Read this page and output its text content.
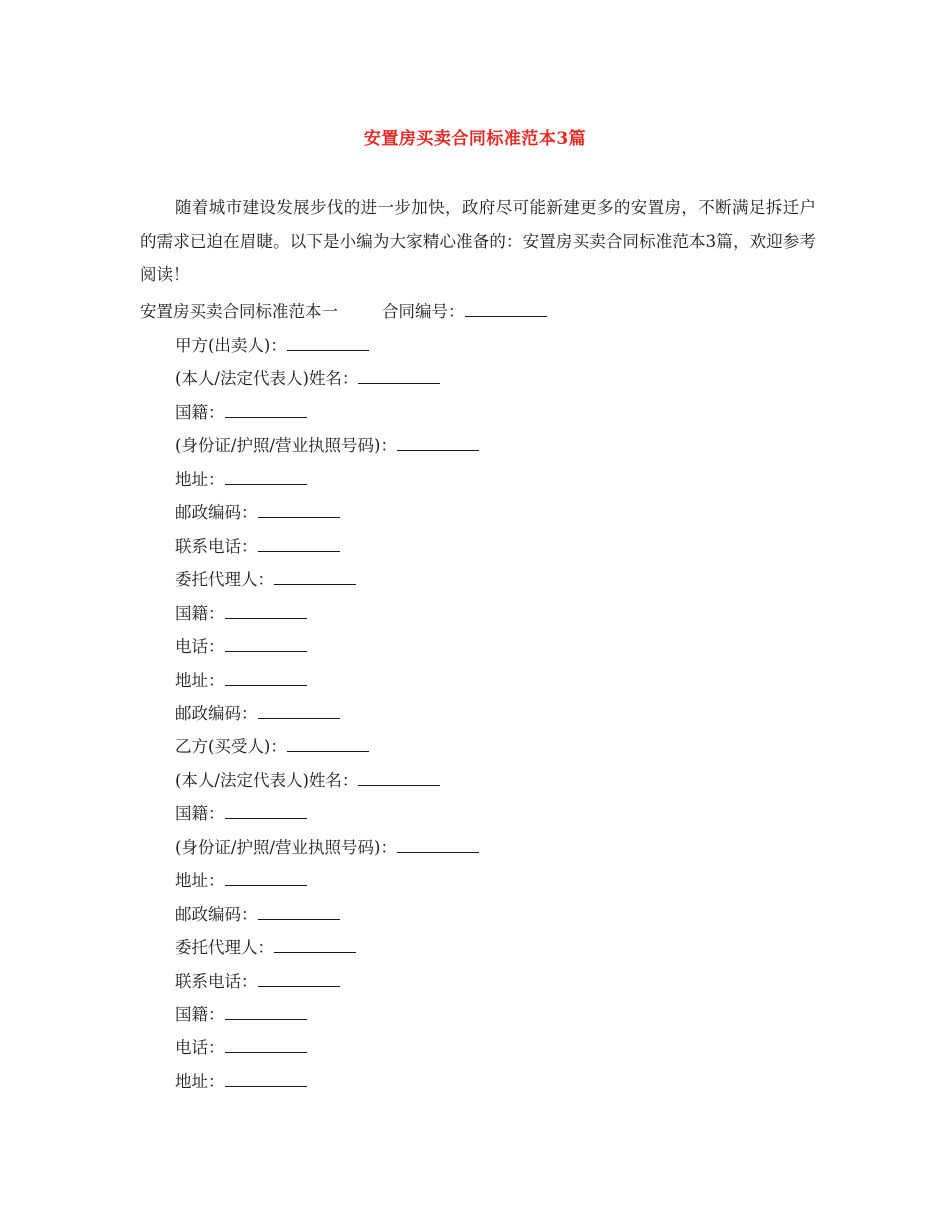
安置房买卖合同标准范本3篇

随着城市建设发展步伐的进一步加快，政府尽可能新建更多的安置房，不断满足拆迁户的需求已迫在眉睫。以下是小编为大家精心准备的：安置房买卖合同标准范本3篇，欢迎参考阅读！

安置房买卖合同标准范本一	合同编号：
甲方(出卖人)：
(本人/法定代表人)姓名：
国籍：
(身份证/护照/营业执照号码)：
地址：
邮政编码：
联系电话：
委托代理人：
国籍：
电话：
地址：
邮政编码：
乙方(买受人)：
(本人/法定代表人)姓名：
国籍：
(身份证/护照/营业执照号码)：
地址：
邮政编码：
委托代理人：
联系电话：
国籍：
电话：
地址：
